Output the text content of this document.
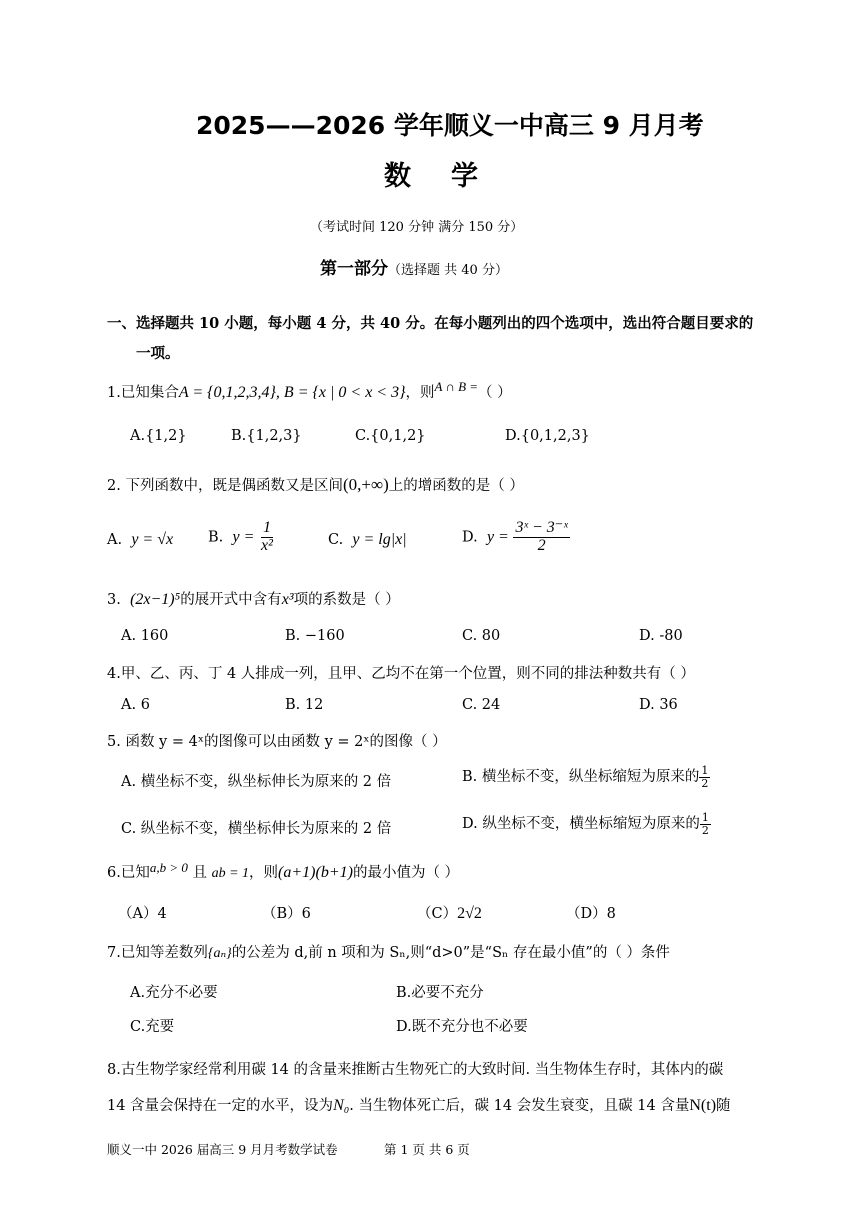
2025——2026 学年顺义一中高三 9 月月考
数学
（考试时间 120 分钟 满分 150 分）
第一部分（选择题 共 40 分）
一、选择题共 10 小题，每小题 4 分，共 40 分。在每小题列出的四个选项中，选出符合题目要求的
一项。
1.已知集合A = {0,1,2,3,4}, B = {x | 0 < x < 3}，则A ∩ B =（ ）
A.{1,2}	B.{1,2,3}	C.{0,1,2}	D.{0,1,2,3}
2. 下列函数中，既是偶函数又是区间(0,+∞)上的增函数的是（ ）
A. y = √x B. $y = \frac{1}{\text{x²}}$	C. y = lg|x|	D. $y = \frac{\text{3ˣ − 3⁻ˣ}}{2}$
3. (2x−1)⁵的展开式中含有x³项的系数是（ ）
A. 160	B. −160	C. 80	D. -80
4.甲、乙、丙、丁 4 人排成一列，且甲、乙均不在第一个位置，则不同的排法种数共有（ ）
A. 6	B. 12	C. 24	D. 36
5. 函数 y = 4ˣ的图像可以由函数 y = 2ˣ的图像（ ）
A. 横坐标不变，纵坐标伸长为原来的 2 倍	B. 横坐标不变，纵坐标缩短为原来的 $\frac{1}{2}$
C. 纵坐标不变，横坐标伸长为原来的 2 倍	D. 纵坐标不变，横坐标缩短为原来的 $\frac{1}{2}$
6.已知a,b > 0 且 ab = 1，则(a+1)(b+1)的最小值为（ ）
（A）4	（B）6	（C）2√2	（D）8
7.已知等差数列{aₙ}的公差为 d,前 n 项和为 Sₙ,则“d>0”是“Sₙ 存在最小值”的（ ）条件
A.充分不必要	B.必要不充分
C.充要	D.既不充分也不必要
8.古生物学家经常利用碳 14 的含量来推断古生物死亡的大致时间. 当生物体生存时，其体内的碳
14 含量会保持在一定的水平，设为N₀. 当生物体死亡后，碳 14 会发生衰变，且碳 14 含量N(t)随
顺义一中 2026 届高三 9 月月考数学试卷	第 1 页 共 6 页
